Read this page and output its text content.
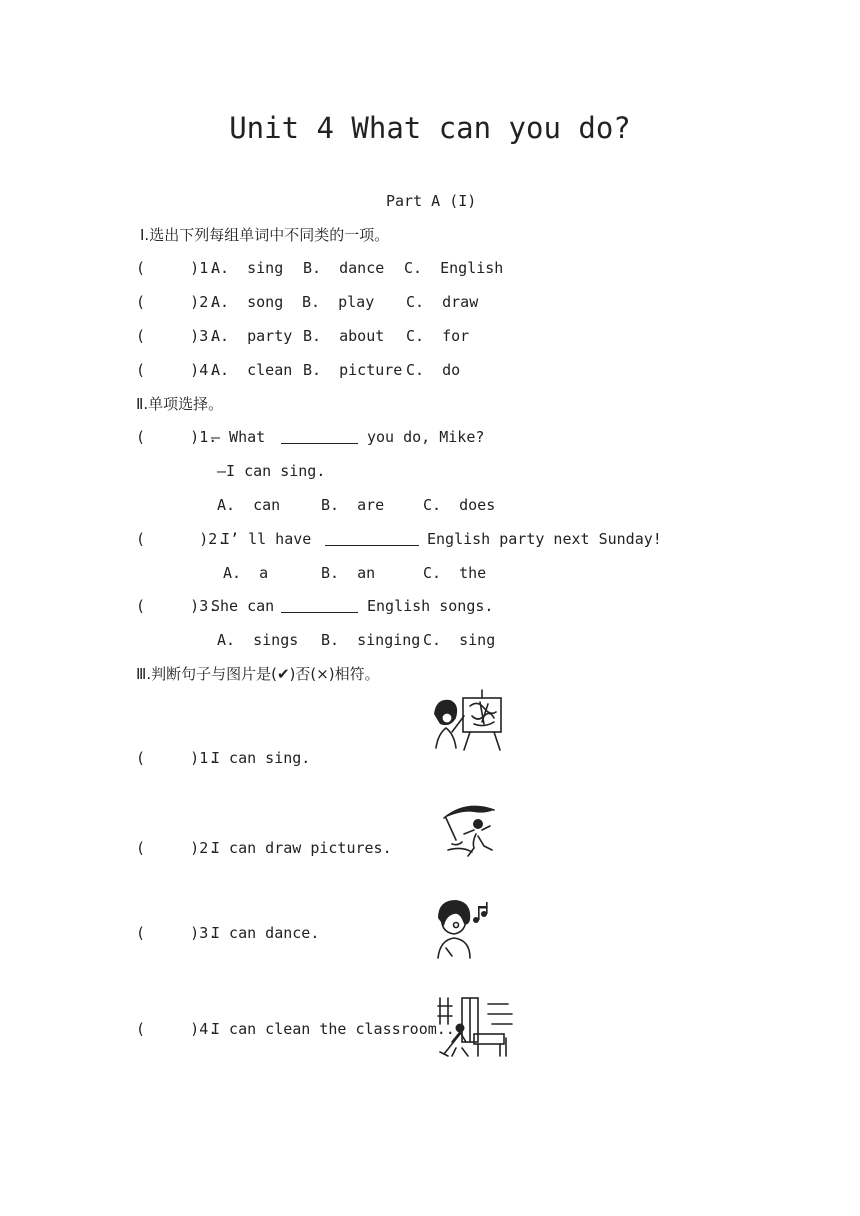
Unit 4 What can you do?
Part A (I)
Ⅰ.选出下列每组单词中不同类的一项。
(     )1.
A.  sing B.  dance C.  English
(     )2.
A.  song B.  play C.  draw
(     )3.
A.  party B.  about C.  for
(     )4.
A.  clean B.  picture C.  do
Ⅱ.单项选择。
(     )1.
— What	you do, Mike?
—I can sing.
A.  can	B.  are	C.  does
(      )2.
I’ ll have	English party next Sunday!
A.  a	B.  an	C.  the
(     )3.
She can	English songs.
A.  sings B.  singing C.  sing
Ⅲ.判断句子与图片是(✔)否(×)相符。
(     )1.
I can sing.
(     )2.
I can draw pictures.
(     )3.
I can dance.
(     )4.
I can clean the classroom..
